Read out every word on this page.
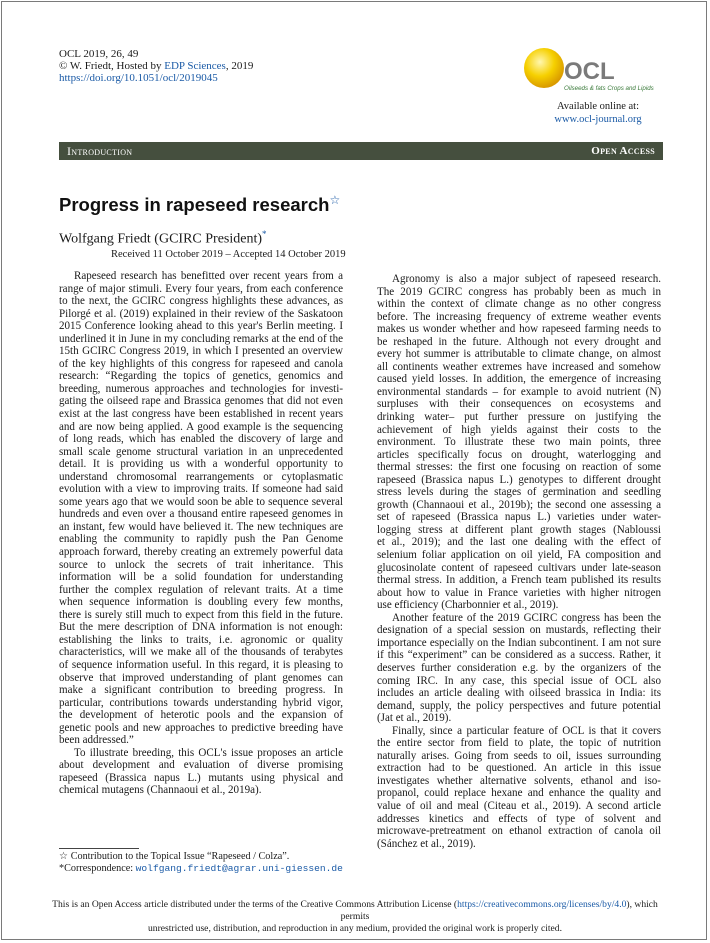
OCL 2019, 26, 49
© W. Friedt, Hosted by EDP Sciences, 2019
https://doi.org/10.1051/ocl/2019045	OCL
Oilseeds & fats Crops and Lipids
Available online at:
www.ocl-journal.org
Introduction	Open Access
Progress in rapeseed research☆
Wolfgang Friedt (GCIRC President)*
Received 11 October 2019 – Accepted 14 October 2019
Rapeseed research has benefitted over recent years from a
range of major stimuli. Every four years, from each conference
to the next, the GCIRC congress highlights these advances, as
Pilorgé et al. (2019) explained in their review of the Saskatoon
2015 Conference looking ahead to this year's Berlin meeting. I
underlined it in June in my concluding remarks at the end of the
15th GCIRC Congress 2019, in which I presented an overview
of the key highlights of this congress for rapeseed and canola
research: “Regarding the topics of genetics, genomics and
breeding, numerous approaches and technologies for investi-
gating the oilseed rape and Brassica genomes that did not even
exist at the last congress have been established in recent years
and are now being applied. A good example is the sequencing
of long reads, which has enabled the discovery of large and
small scale genome structural variation in an unprecedented
detail. It is providing us with a wonderful opportunity to
understand chromosomal rearrangements or cytoplasmatic
evolution with a view to improving traits. If someone had said
some years ago that we would soon be able to sequence several
hundreds and even over a thousand entire rapeseed genomes in
an instant, few would have believed it. The new techniques are
enabling the community to rapidly push the Pan Genome
approach forward, thereby creating an extremely powerful data
source to unlock the secrets of trait inheritance. This
information will be a solid foundation for understanding
further the complex regulation of relevant traits. At a time
when sequence information is doubling every few months,
there is surely still much to expect from this field in the future.
But the mere description of DNA information is not enough:
establishing the links to traits, i.e. agronomic or quality
characteristics, will we make all of the thousands of terabytes
of sequence information useful. In this regard, it is pleasing to
observe that improved understanding of plant genomes can
make a significant contribution to breeding progress. In
particular, contributions towards understanding hybrid vigor,
the development of heterotic pools and the expansion of
genetic pools and new approaches to predictive breeding have
been addressed.”
To illustrate breeding, this OCL's issue proposes an article
about development and evaluation of diverse promising
rapeseed (Brassica napus L.) mutants using physical and
chemical mutagens (Channaoui et al., 2019a).
Agronomy is also a major subject of rapeseed research.
The 2019 GCIRC congress has probably been as much in
within the context of climate change as no other congress
before. The increasing frequency of extreme weather events
makes us wonder whether and how rapeseed farming needs to
be reshaped in the future. Although not every drought and
every hot summer is attributable to climate change, on almost
all continents weather extremes have increased and somehow
caused yield losses. In addition, the emergence of increasing
environmental standards – for example to avoid nutrient (N)
surpluses with their consequences on ecosystems and
drinking water– put further pressure on justifying the
achievement of high yields against their costs to the
environment. To illustrate these two main points, three
articles specifically focus on drought, waterlogging and
thermal stresses: the first one focusing on reaction of some
rapeseed (Brassica napus L.) genotypes to different drought
stress levels during the stages of germination and seedling
growth (Channaoui et al., 2019b); the second one assessing a
set of rapeseed (Brassica napus L.) varieties under water-
logging stress at different plant growth stages (Nabloussi
et al., 2019); and the last one dealing with the effect of
selenium foliar application on oil yield, FA composition and
glucosinolate content of rapeseed cultivars under late-season
thermal stress. In addition, a French team published its results
about how to value in France varieties with higher nitrogen
use efficiency (Charbonnier et al., 2019).
Another feature of the 2019 GCIRC congress has been the
designation of a special session on mustards, reflecting their
importance especially on the Indian subcontinent. I am not sure
if this “experiment” can be considered as a success. Rather, it
deserves further consideration e.g. by the organizers of the
coming IRC. In any case, this special issue of OCL also
includes an article dealing with oilseed brassica in India: its
demand, supply, the policy perspectives and future potential
(Jat et al., 2019).
Finally, since a particular feature of OCL is that it covers
the entire sector from field to plate, the topic of nutrition
naturally arises. Going from seeds to oil, issues surrounding
extraction had to be questioned. An article in this issue
investigates whether alternative solvents, ethanol and iso-
propanol, could replace hexane and enhance the quality and
value of oil and meal (Citeau et al., 2019). A second article
addresses kinetics and effects of type of solvent and
microwave-pretreatment on ethanol extraction of canola oil
(Sánchez et al., 2019).
☆ Contribution to the Topical Issue “Rapeseed / Colza”.
*Correspondence: wolfgang.friedt@agrar.uni-giessen.de
This is an Open Access article distributed under the terms of the Creative Commons Attribution License (https://creativecommons.org/licenses/by/4.0), which permits
unrestricted use, distribution, and reproduction in any medium, provided the original work is properly cited.
